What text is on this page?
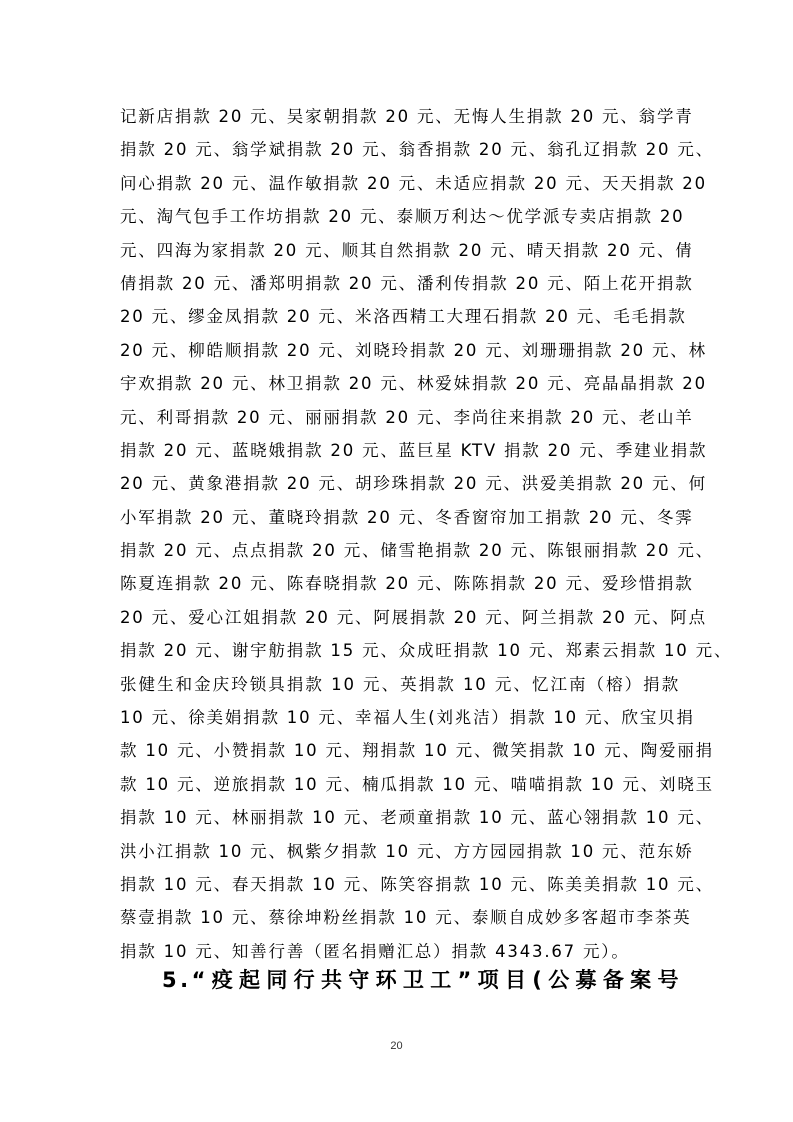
记新店捐款 20 元、吴家朝捐款 20 元、无悔人生捐款 20 元、翁学青
捐款 20 元、翁学斌捐款 20 元、翁香捐款 20 元、翁孔辽捐款 20 元、
问心捐款 20 元、温作敏捐款 20 元、未适应捐款 20 元、天天捐款 20
元、淘气包手工作坊捐款 20 元、泰顺万利达～优学派专卖店捐款 20
元、四海为家捐款 20 元、顺其自然捐款 20 元、晴天捐款 20 元、倩
倩捐款 20 元、潘郑明捐款 20 元、潘利传捐款 20 元、陌上花开捐款
20 元、缪金凤捐款 20 元、米洛西精工大理石捐款 20 元、毛毛捐款
20 元、柳皓顺捐款 20 元、刘晓玲捐款 20 元、刘珊珊捐款 20 元、林
宇欢捐款 20 元、林卫捐款 20 元、林爱妹捐款 20 元、亮晶晶捐款 20
元、利哥捐款 20 元、丽丽捐款 20 元、李尚往来捐款 20 元、老山羊
捐款 20 元、蓝晓娥捐款 20 元、蓝巨星 KTV 捐款 20 元、季建业捐款
20 元、黄象港捐款 20 元、胡珍珠捐款 20 元、洪爱美捐款 20 元、何
小军捐款 20 元、董晓玲捐款 20 元、冬香窗帘加工捐款 20 元、冬霁
捐款 20 元、点点捐款 20 元、储雪艳捐款 20 元、陈银丽捐款 20 元、
陈夏连捐款 20 元、陈春晓捐款 20 元、陈陈捐款 20 元、爱珍惜捐款
20 元、爱心江姐捐款 20 元、阿展捐款 20 元、阿兰捐款 20 元、阿点
捐款 20 元、谢宇舫捐款 15 元、众成旺捐款 10 元、郑素云捐款 10 元、
张健生和金庆玲锁具捐款 10 元、英捐款 10 元、忆江南（榕）捐款
10 元、徐美娟捐款 10 元、幸福人生(刘兆洁）捐款 10 元、欣宝贝捐
款 10 元、小赞捐款 10 元、翔捐款 10 元、微笑捐款 10 元、陶爱丽捐
款 10 元、逆旅捐款 10 元、楠瓜捐款 10 元、喵喵捐款 10 元、刘晓玉
捐款 10 元、林丽捐款 10 元、老顽童捐款 10 元、蓝心翎捐款 10 元、
洪小江捐款 10 元、枫紫夕捐款 10 元、方方园园捐款 10 元、范东娇
捐款 10 元、春天捐款 10 元、陈笑容捐款 10 元、陈美美捐款 10 元、
蔡壹捐款 10 元、蔡徐坤粉丝捐款 10 元、泰顺自成妙多客超市李茶英
捐款 10 元、知善行善（匿名捐赠汇总）捐款 4343.67 元）。
5.“疫起同行共守环卫工”项目(公募备案号
20
